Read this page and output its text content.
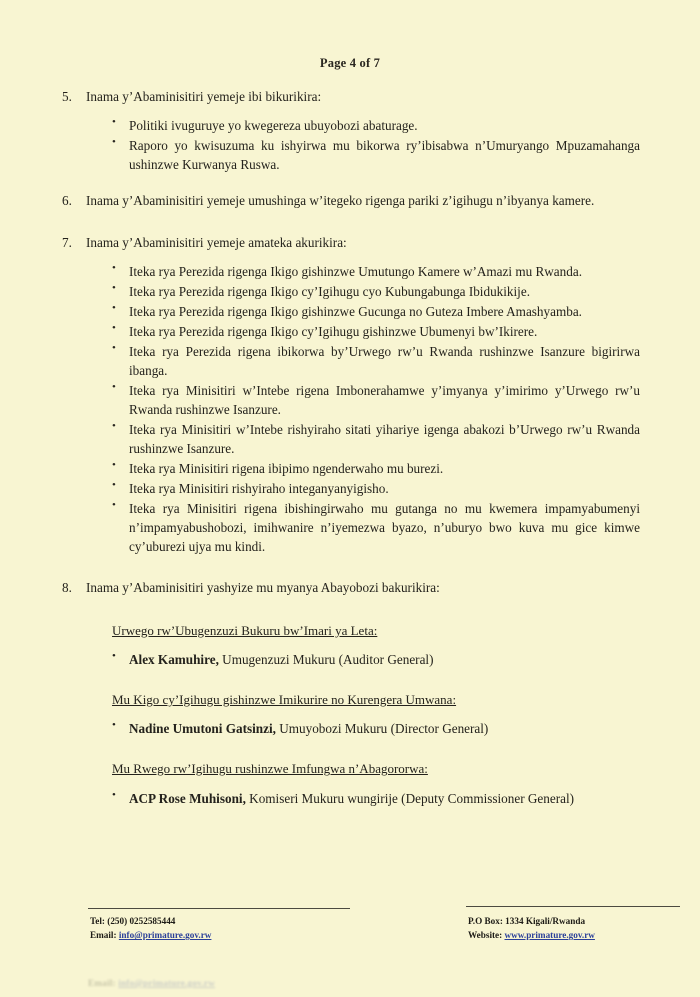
Page 4 of 7
5.	Inama y’Abaminisitiri yemeje ibi bikurikira:
• Politiki ivuguruye yo kwegereza ubuyobozi abaturage.
• Raporo yo kwisuzuma ku ishyirwa mu bikorwa ry’ibisabwa n’Umuryango Mpuzamahanga ushinzwe Kurwanya Ruswa.
6.	Inama y’Abaminisitiri yemeje umushinga w’itegeko rigenga pariki z’igihugu n’ibyanya kamere.
7.	Inama y’Abaminisitiri yemeje amateka akurikira:
• Iteka rya Perezida rigenga Ikigo gishinzwe Umutungo Kamere w’Amazi mu Rwanda.
• Iteka rya Perezida rigenga Ikigo cy’Igihugu cyo Kubungabunga Ibidukikije.
• Iteka rya Perezida rigenga Ikigo gishinzwe Gucunga no Guteza Imbere Amashyamba.
• Iteka rya Perezida rigenga Ikigo cy’Igihugu gishinzwe Ubumenyi bw’Ikirere.
• Iteka rya Perezida rigena ibikorwa by’Urwego rw’u Rwanda rushinzwe Isanzure bigirirwa ibanga.
• Iteka rya Minisitiri w’Intebe rigena Imbonerahamwe y’imyanya y’imirimo y’Urwego rw’u Rwanda rushinzwe Isanzure.
• Iteka rya Minisitiri w’Intebe rishyiraho sitati yihariye igenga abakozi b’Urwego rw’u Rwanda rushinzwe Isanzure.
• Iteka rya Minisitiri rigena ibipimo ngenderwaho mu burezi.
• Iteka rya Minisitiri rishyiraho integanyanyigisho.
• Iteka rya Minisitiri rigena ibishingirwaho mu gutanga no mu kwemera impamyabumenyi n’impamyabushobozi, imihwanire n’iyemezwa byazo, n’uburyo bwo kuva mu gice kimwe cy’uburezi ujya mu kindi.
8.	Inama y’Abaminisitiri yashyize mu myanya Abayobozi bakurikira:
Urwego rw’Ubugenzuzi Bukuru bw’Imari ya Leta:
• Alex Kamuhire, Umugenzuzi Mukuru (Auditor General)
Mu Kigo cy’Igihugu gishinzwe Imikurire no Kurengera Umwana:
• Nadine Umutoni Gatsinzi, Umuyobozi Mukuru (Director General)
Mu Rwego rw’Igihugu rushinzwe Imfungwa n’Abagororwa:
• ACP Rose Muhisoni, Komiseri Mukuru wungirije (Deputy Commissioner General)
Tel: (250) 0252585444
Email: info@primature.gov.rw
P.O Box: 1334 Kigali/Rwanda
Website: www.primature.gov.rw
Email: info@primature.gov.rw
